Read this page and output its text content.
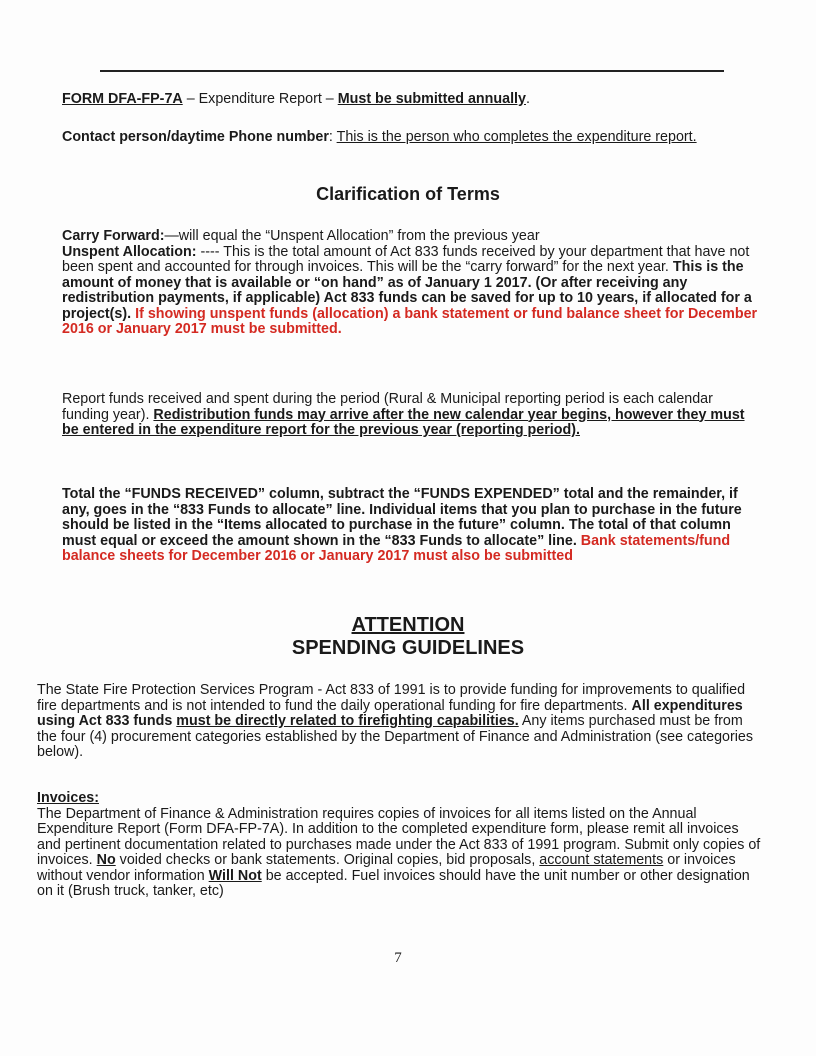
FORM DFA-FP-7A – Expenditure Report – Must be submitted annually.
Contact person/daytime Phone number: This is the person who completes the expenditure report.
Clarification of Terms
Carry Forward:—will equal the “Unspent Allocation” from the previous year
Unspent Allocation: ---- This is the total amount of Act 833 funds received by your department that have not been spent and accounted for through invoices. This will be the “carry forward” for the next year. This is the amount of money that is available or “on hand” as of January 1 2017. (Or after receiving any redistribution payments, if applicable) Act 833 funds can be saved for up to 10 years, if allocated for a project(s). If showing unspent funds (allocation) a bank statement or fund balance sheet for December 2016 or January 2017 must be submitted.
Report funds received and spent during the period (Rural & Municipal reporting period is each calendar funding year). Redistribution funds may arrive after the new calendar year begins, however they must be entered in the expenditure report for the previous year (reporting period).
Total the “FUNDS RECEIVED” column, subtract the “FUNDS EXPENDED” total and the remainder, if any, goes in the “833 Funds to allocate” line. Individual items that you plan to purchase in the future should be listed in the “Items allocated to purchase in the future” column. The total of that column must equal or exceed the amount shown in the “833 Funds to allocate” line. Bank statements/fund balance sheets for December 2016 or January 2017 must also be submitted
ATTENTION
SPENDING GUIDELINES
The State Fire Protection Services Program - Act 833 of 1991 is to provide funding for improvements to qualified fire departments and is not intended to fund the daily operational funding for fire departments. All expenditures using Act 833 funds must be directly related to firefighting capabilities. Any items purchased must be from the four (4) procurement categories established by the Department of Finance and Administration (see categories below).
Invoices:
The Department of Finance & Administration requires copies of invoices for all items listed on the Annual Expenditure Report (Form DFA-FP-7A). In addition to the completed expenditure form, please remit all invoices and pertinent documentation related to purchases made under the Act 833 of 1991 program. Submit only copies of invoices. No voided checks or bank statements. Original copies, bid proposals, account statements or invoices without vendor information Will Not be accepted. Fuel invoices should have the unit number or other designation on it (Brush truck, tanker, etc)
7
